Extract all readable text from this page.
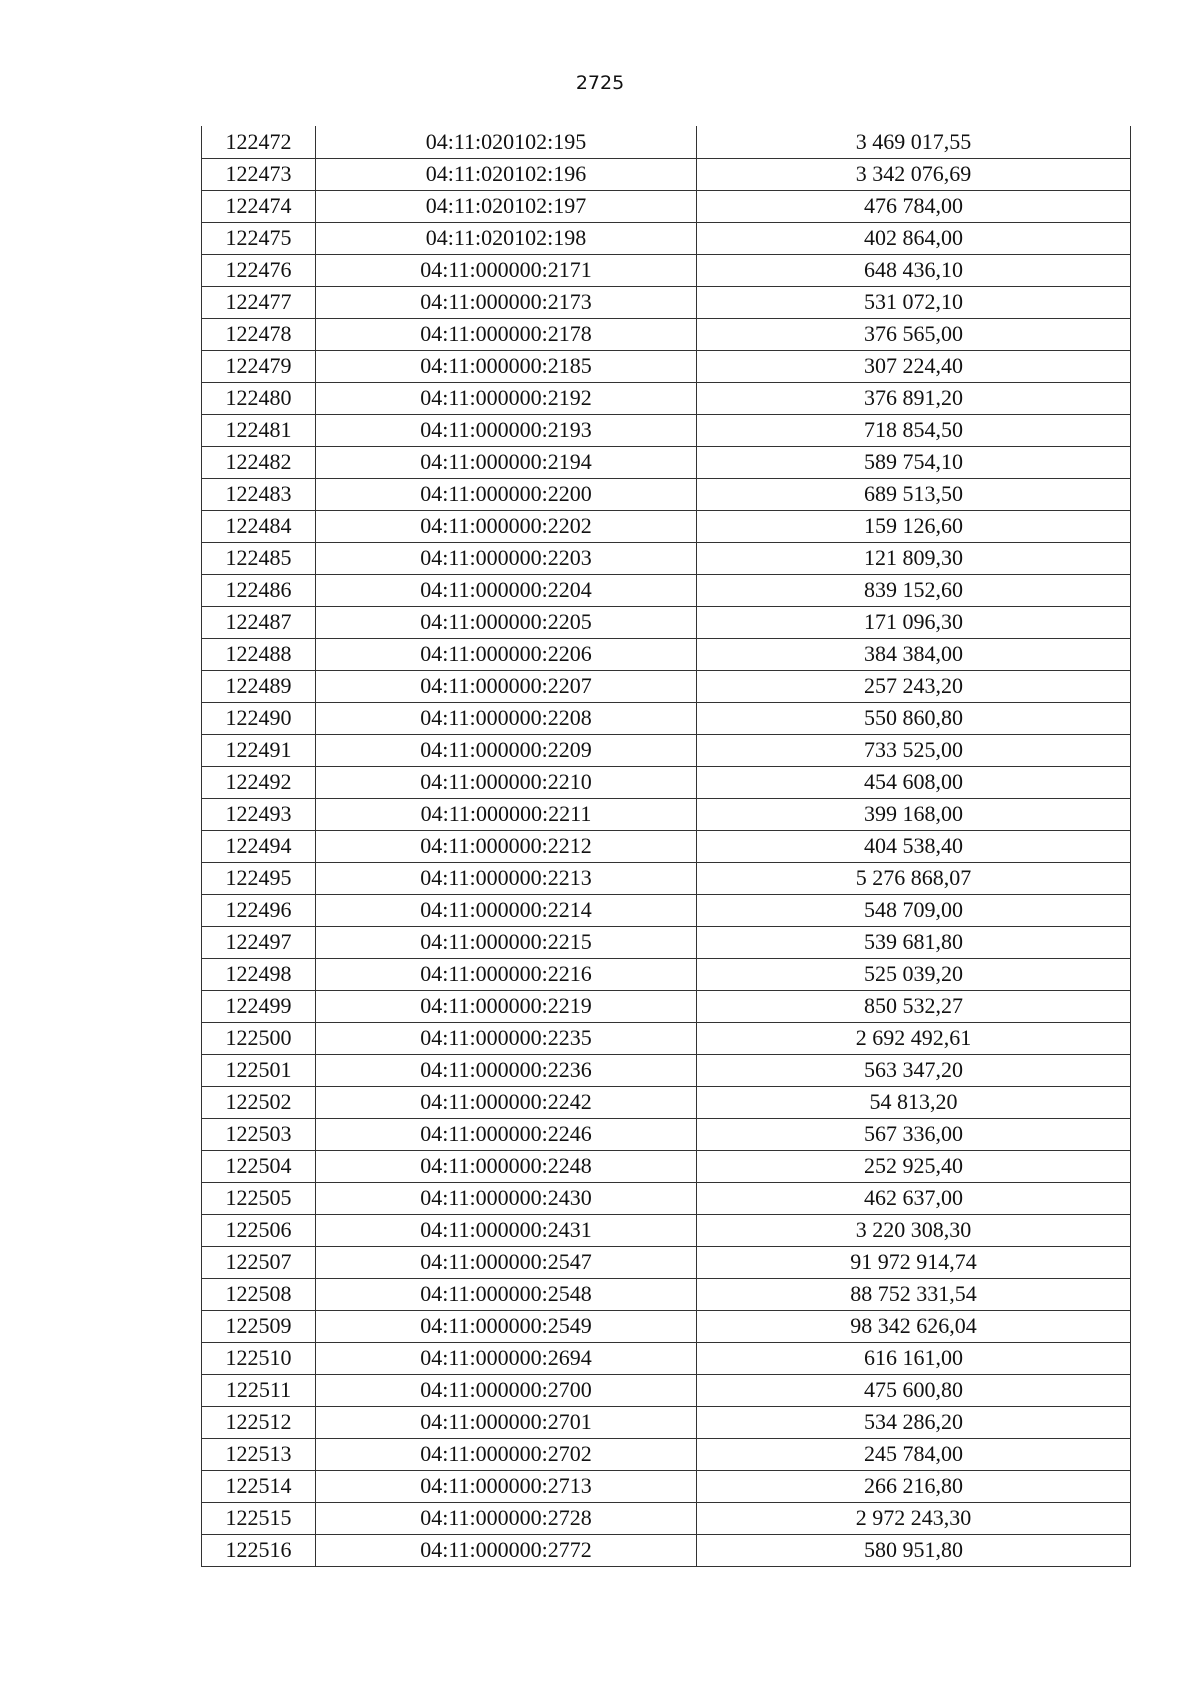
2725
122472	04:11:020102:195	3 469 017,55
122473	04:11:020102:196	3 342 076,69
122474	04:11:020102:197	476 784,00
122475	04:11:020102:198	402 864,00
122476	04:11:000000:2171	648 436,10
122477	04:11:000000:2173	531 072,10
122478	04:11:000000:2178	376 565,00
122479	04:11:000000:2185	307 224,40
122480	04:11:000000:2192	376 891,20
122481	04:11:000000:2193	718 854,50
122482	04:11:000000:2194	589 754,10
122483	04:11:000000:2200	689 513,50
122484	04:11:000000:2202	159 126,60
122485	04:11:000000:2203	121 809,30
122486	04:11:000000:2204	839 152,60
122487	04:11:000000:2205	171 096,30
122488	04:11:000000:2206	384 384,00
122489	04:11:000000:2207	257 243,20
122490	04:11:000000:2208	550 860,80
122491	04:11:000000:2209	733 525,00
122492	04:11:000000:2210	454 608,00
122493	04:11:000000:2211	399 168,00
122494	04:11:000000:2212	404 538,40
122495	04:11:000000:2213	5 276 868,07
122496	04:11:000000:2214	548 709,00
122497	04:11:000000:2215	539 681,80
122498	04:11:000000:2216	525 039,20
122499	04:11:000000:2219	850 532,27
122500	04:11:000000:2235	2 692 492,61
122501	04:11:000000:2236	563 347,20
122502	04:11:000000:2242	54 813,20
122503	04:11:000000:2246	567 336,00
122504	04:11:000000:2248	252 925,40
122505	04:11:000000:2430	462 637,00
122506	04:11:000000:2431	3 220 308,30
122507	04:11:000000:2547	91 972 914,74
122508	04:11:000000:2548	88 752 331,54
122509	04:11:000000:2549	98 342 626,04
122510	04:11:000000:2694	616 161,00
122511	04:11:000000:2700	475 600,80
122512	04:11:000000:2701	534 286,20
122513	04:11:000000:2702	245 784,00
122514	04:11:000000:2713	266 216,80
122515	04:11:000000:2728	2 972 243,30
122516	04:11:000000:2772	580 951,80
